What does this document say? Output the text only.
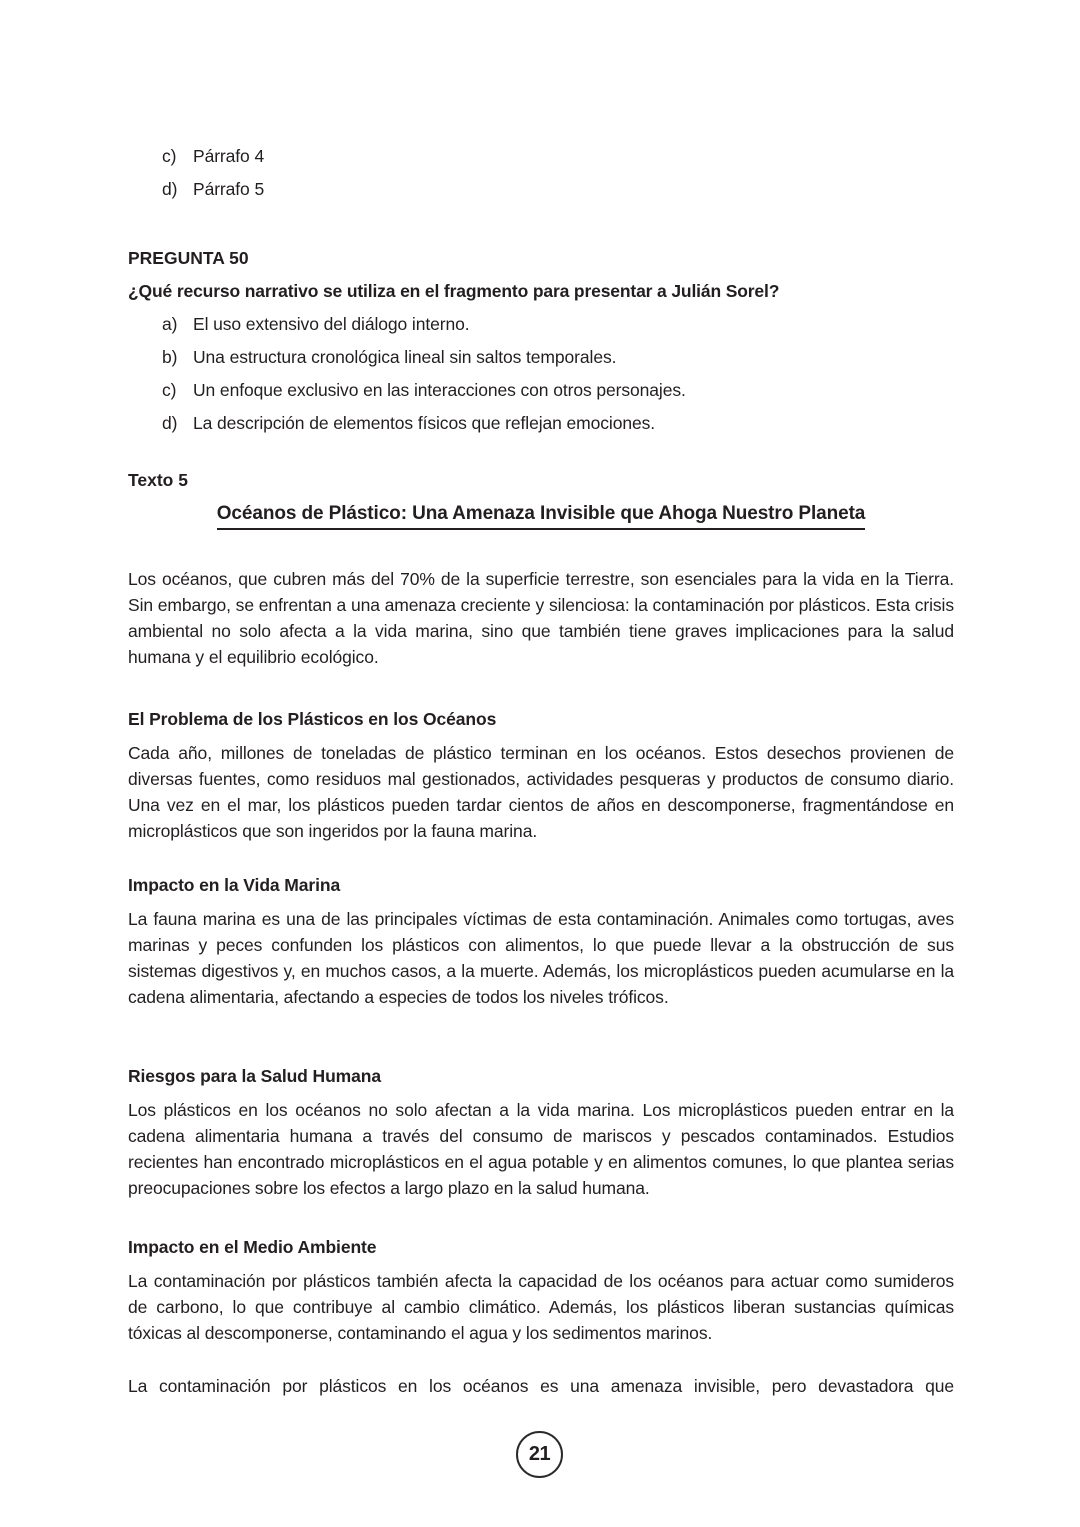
c) Párrafo 4
d) Párrafo 5
PREGUNTA 50

¿Qué recurso narrativo se utiliza en el fragmento para presentar a Julián Sorel?

a) El uso extensivo del diálogo interno.
b) Una estructura cronológica lineal sin saltos temporales.
c) Un enfoque exclusivo en las interacciones con otros personajes.
d) La descripción de elementos físicos que reflejan emociones.
Texto 5
Océanos de Plástico: Una Amenaza Invisible que Ahoga Nuestro Planeta

Los océanos, que cubren más del 70% de la superficie terrestre, son esenciales para la vida en la Tierra. Sin embargo, se enfrentan a una amenaza creciente y silenciosa: la contaminación por plásticos. Esta crisis ambiental no solo afecta a la vida marina, sino que también tiene graves implicaciones para la salud humana y el equilibrio ecológico.

El Problema de los Plásticos en los Océanos

Cada año, millones de toneladas de plástico terminan en los océanos. Estos desechos provienen de diversas fuentes, como residuos mal gestionados, actividades pesqueras y productos de consumo diario. Una vez en el mar, los plásticos pueden tardar cientos de años en descomponerse, fragmentándose en microplásticos que son ingeridos por la fauna marina.

Impacto en la Vida Marina

La fauna marina es una de las principales víctimas de esta contaminación. Animales como tortugas, aves marinas y peces confunden los plásticos con alimentos, lo que puede llevar a la obstrucción de sus sistemas digestivos y, en muchos casos, a la muerte. Además, los microplásticos pueden acumularse en la cadena alimentaria, afectando a especies de todos los niveles tróficos.

Riesgos para la Salud Humana

Los plásticos en los océanos no solo afectan a la vida marina. Los microplásticos pueden entrar en la cadena alimentaria humana a través del consumo de mariscos y pescados contaminados. Estudios recientes han encontrado microplásticos en el agua potable y en alimentos comunes, lo que plantea serias preocupaciones sobre los efectos a largo plazo en la salud humana.

Impacto en el Medio Ambiente

La contaminación por plásticos también afecta la capacidad de los océanos para actuar como sumideros de carbono, lo que contribuye al cambio climático. Además, los plásticos liberan sustancias químicas tóxicas al descomponerse, contaminando el agua y los sedimentos marinos.

La contaminación por plásticos en los océanos es una amenaza invisible, pero devastadora que

21
